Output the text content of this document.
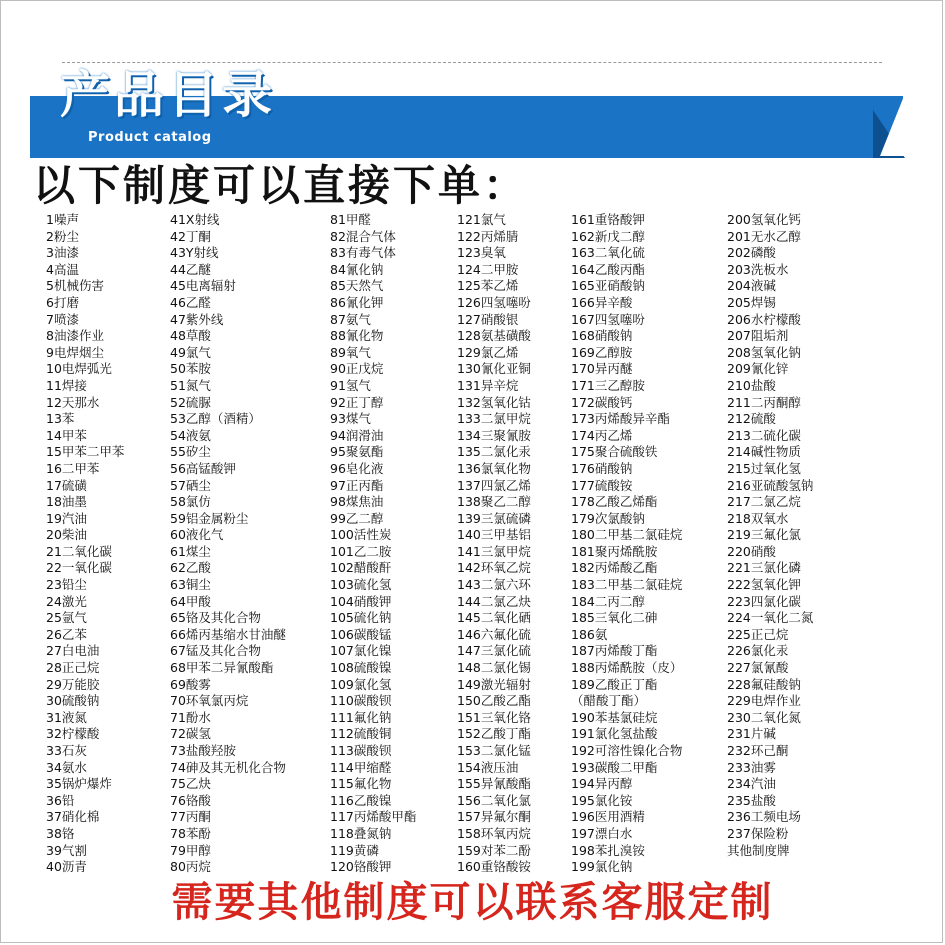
产品目录
Product catalog
以下制度可以直接下单：
1噪声
2粉尘
3油漆
4高温
5机械伤害
6打磨
7喷漆
8油漆作业
9电焊烟尘
10电焊弧光
11焊接
12天那水
13苯
14甲苯
15甲苯二甲苯
16二甲苯
17硫磺
18油墨
19汽油
20柴油
21二氧化碳
22一氧化碳
23铅尘
24激光
25氩气
26乙苯
27白电油
28正己烷
29万能胶
30硫酸钠
31液氮
32柠檬酸
33石灰
34氨水
35锅炉爆炸
36铅
37硝化棉
38铬
39气割
40沥青
41X射线
42丁酮
43Y射线
44乙醚
45电离辐射
46乙醛
47紫外线
48草酸
49氯气
50苯胺
51氮气
52硫脲
53乙醇（酒精）
54液氨
55矽尘
56高锰酸钾
57硒尘
58氯仿
59铝金属粉尘
60液化气
61煤尘
62乙酸
63铜尘
64甲酸
65铬及其化合物
66烯丙基缩水甘油醚
67锰及其化合物
68甲苯二异氰酸酯
69酸雾
70环氧氯丙烷
71酚水
72碳氢
73盐酸羟胺
74砷及其无机化合物
75乙炔
76铬酸
77丙酮
78苯酚
79甲醇
80丙烷
81甲醛
82混合气体
83有毒气体
84氰化钠
85天然气
86氰化钾
87氨气
88氰化物
89氧气
90正戊烷
91氢气
92正丁醇
93煤气
94润滑油
95聚氨酯
96皂化液
97正丙酯
98煤焦油
99乙二醇
100活性炭
101乙二胺
102醋酸酐
103硫化氢
104硝酸钾
105硫化钠
106碳酸锰
107氯化镍
108硫酸镍
109氯化氢
110碳酸钡
111氟化钠
112硫酸铜
113碳酸钡
114甲缩醛
115氟化物
116乙酸镍
117丙烯酸甲酯
118叠氮钠
119黄磷
120铬酸钾
121氯气
122丙烯腈
123臭氧
124二甲胺
125苯乙烯
126四氢噻吩
127硝酸银
128氨基磺酸
129氯乙烯
130氰化亚铜
131异辛烷
132氢氧化钴
133二氯甲烷
134三聚氰胺
135二氯化汞
136氯氧化物
137四氯乙烯
138聚乙二醇
139三氯硫磷
140三甲基铝
141三氯甲烷
142环氧乙烷
143二氯六环
144二氯乙炔
145二氧化硒
146六氟化硫
147三氯化硫
148二氯化锡
149激光辐射
150乙酸乙酯
151三氧化铬
152乙酸丁酯
153二氯化锰
154液压油
155异氰酸酯
156二氧化氯
157异氟尔酮
158环氧丙烷
159对苯二酚
160重铬酸铵
161重铬酸钾
162新戊二醇
163二氧化硫
164乙酸丙酯
165亚硝酸钠
166异辛酸
167四氢噻吩
168硝酸钠
169乙醇胺
170异丙醚
171三乙醇胺
172碳酸钙
173丙烯酸异辛酯
174丙乙烯
175聚合硫酸铁
176硝酸钠
177硫酸铵
178乙酸乙烯酯
179次氯酸钠
180二甲基二氯硅烷
181聚丙烯酰胺
182丙烯酸乙酯
183二甲基二氯硅烷
184二丙二醇
185三氧化二砷
186氨
187丙烯酸丁酯
188丙烯酰胺（皮）
189乙酸正丁酯
（醋酸丁酯）
190苯基氯硅烷
191氯化氢盐酸
192可溶性镍化合物
193碳酸二甲酯
194异丙醇
195氯化铵
196医用酒精
197漂白水
198苯扎溴铵
199氯化钠
200氢氧化钙
201无水乙醇
202磷酸
203洗板水
204液碱
205焊锡
206水柠檬酸
207阻垢剂
208氢氧化钠
209氰化锌
210盐酸
211二丙酮醇
212硫酸
213二硫化碳
214碱性物质
215过氧化氢
216亚硫酸氢钠
217二氯乙烷
218双氧水
219三氟化氯
220硝酸
221三氯化磷
222氢氧化钾
223四氯化碳
224一氧化二氮
225正己烷
226氯化汞
227氯氰酸
228氟硅酸钠
229电焊作业
230二氧化氮
231片碱
232环己酮
233油雾
234汽油
235盐酸
236工频电场
237保险粉
其他制度牌
需要其他制度可以联系客服定制
